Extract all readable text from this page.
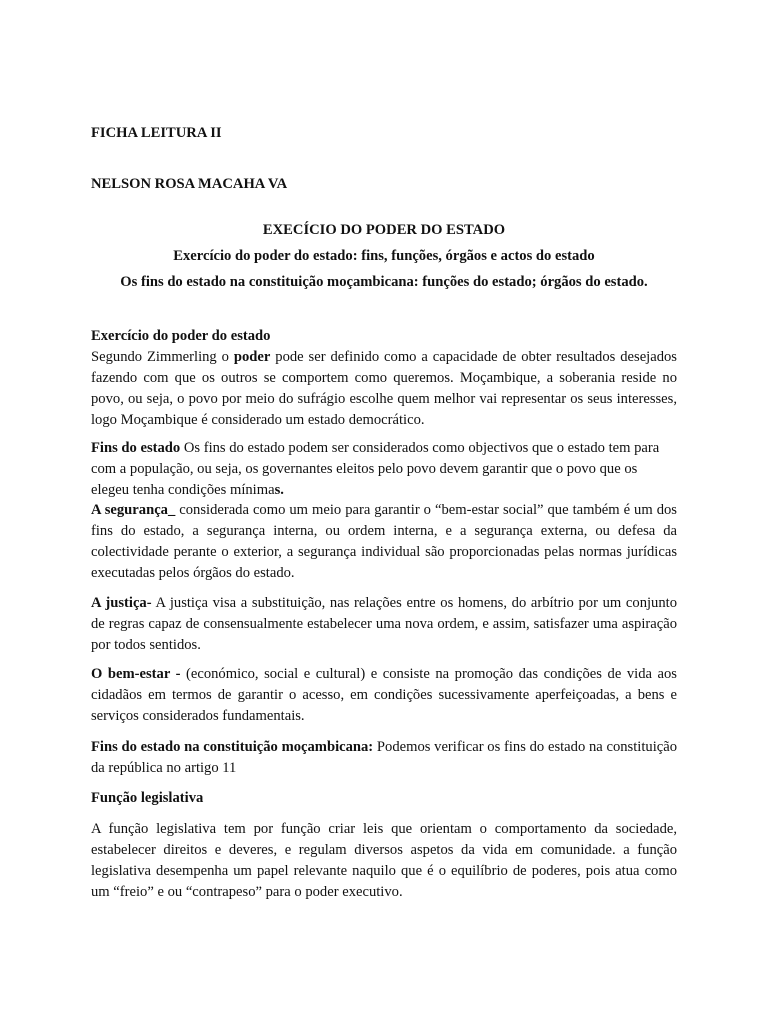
FICHA LEITURA II

NELSON ROSA MACAHA VA

EXECÍCIO DO PODER DO ESTADO

Exercício do poder do estado: fins, funções, órgãos e actos do estado

Os fins do estado na constituição moçambicana: funções do estado; órgãos do estado.

Exercício do poder do estado

Segundo Zimmerling o poder pode ser definido como a capacidade de obter resultados desejados fazendo com que os outros se comportem como queremos. Moçambique, a soberania reside no povo, ou seja, o povo por meio do sufrágio escolhe quem melhor vai representar os seus interesses, logo Moçambique é considerado um estado democrático.

Fins do estado Os fins do estado podem ser considerados como objectivos que o estado tem para com a população, ou seja, os governantes eleitos pelo povo devem garantir que o povo que os elegeu tenha condições mínimas.

A segurança_ considerada como um meio para garantir o “bem-estar social” que também é um dos fins do estado, a segurança interna, ou ordem interna, e a segurança externa, ou defesa da colectividade perante o exterior, a segurança individual são proporcionadas pelas normas jurídicas executadas pelos órgãos do estado.

A justiça- A justiça visa a substituição, nas relações entre os homens, do arbítrio por um conjunto de regras capaz de consensualmente estabelecer uma nova ordem, e assim, satisfazer uma aspiração por todos sentidos.

O bem-estar - (económico, social e cultural) e consiste na promoção das condições de vida aos cidadãos em termos de garantir o acesso, em condições sucessivamente aperfeiçoadas, a bens e serviços considerados fundamentais.

Fins do estado na constituição moçambicana: Podemos verificar os fins do estado na constituição da república no artigo 11

Função legislativa

A função legislativa tem por função criar leis que orientam o comportamento da sociedade, estabelecer direitos e deveres, e regulam diversos aspetos da vida em comunidade. a função legislativa desempenha um papel relevante naquilo que é o equilíbrio de poderes, pois atua como um “freio” e ou “contrapeso” para o poder executivo.
